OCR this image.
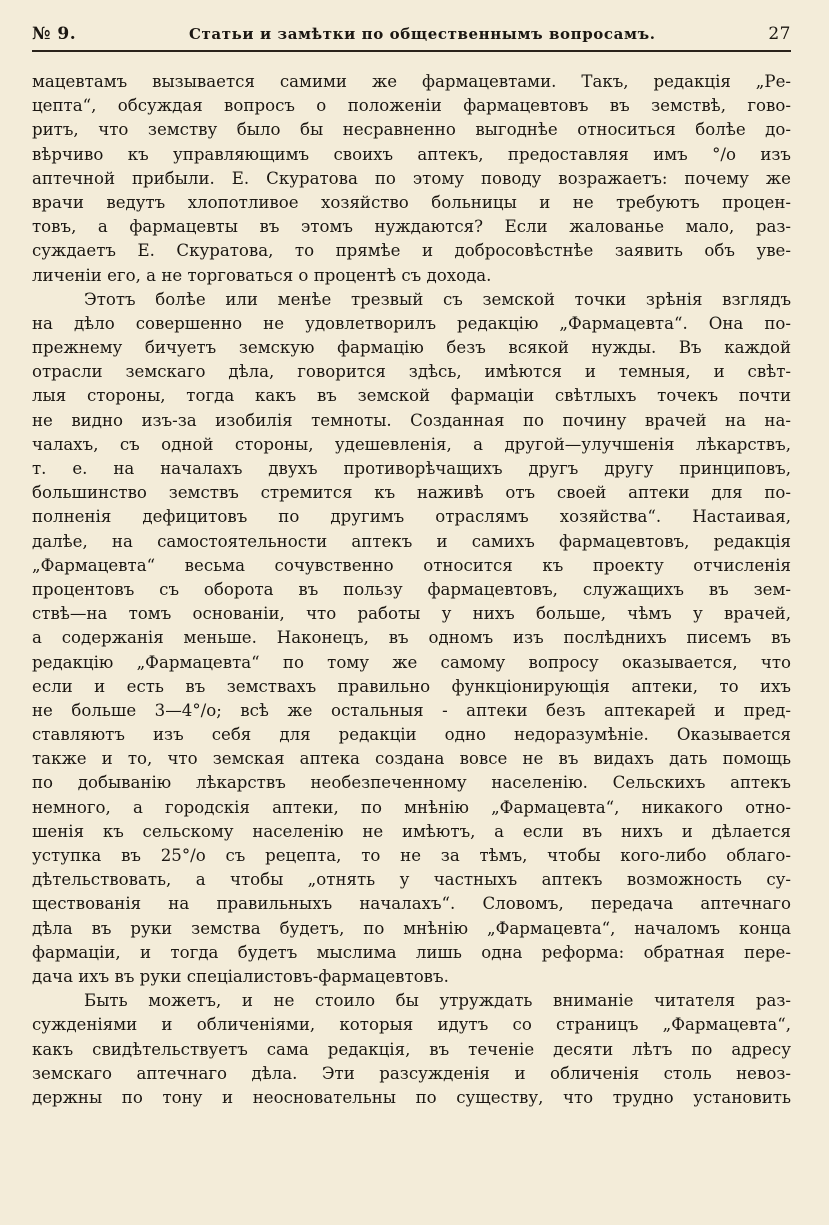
№ 9.	Статьи и замѣтки по общественнымъ вопросамъ.	27
мацевтамъ вызывается самими же фармацевтами. Такъ, редакція „Ре-
цепта“, обсуждая вопросъ о положеніи фармацевтовъ въ земствѣ, гово-
ритъ, что земству было бы несравненно выгоднѣе относиться болѣе до-
вѣрчиво къ управляющимъ своихъ аптекъ, предоставляя имъ °/о изъ
аптечной прибыли. Е. Скуратова по этому поводу возражаетъ: почему же
врачи ведутъ хлопотливое хозяйство больницы и не требуютъ процен-
товъ, а фармацевты въ этомъ нуждаются? Если жалованье мало, раз-
суждаетъ Е. Скуратова, то прямѣе и добросовѣстнѣе заявить объ увe-
личеніи его, а не торговаться о процентѣ съ дохода.
Этотъ болѣе или менѣе трезвый съ земской точки зрѣнія взглядъ
на дѣло совершенно не удовлетворилъ редакцію „Фармацевта“. Она по-
прежнему бичуетъ земскую фармацію безъ всякой нужды. Въ каждой
отрасли земскаго дѣла, говорится здѣсь, имѣются и темныя, и свѣт-
лыя стороны, тогда какъ въ земской фармаціи свѣтлыхъ точекъ почти
не видно изъ-за изобилія темноты. Созданная по почину врачей на на-
чалахъ, съ одной стороны, удешевленія, а другой—улучшенія лѣкарствъ,
т. е. на началахъ двухъ противорѣчащихъ другъ другу принциповъ,
большинство земствъ стремится къ наживѣ отъ своей аптеки для по-
полненія дефицитовъ по другимъ отраслямъ хозяйства“. Настаивая,
далѣе, на самостоятельности аптекъ и самихъ фармацевтовъ, редакція
„Фармацевта“ весьма сочувственно относится къ проекту отчисленія
процентовъ съ оборота въ пользу фармацевтовъ, служащихъ въ зем-
ствѣ—на томъ основаніи, что работы у нихъ больше, чѣмъ у врачей,
а содержанія меньше. Наконецъ, въ одномъ изъ послѣднихъ писемъ въ
редакцію „Фармацевта“ по тому же самому вопросу оказывается, что
если и есть въ земствахъ правильно функціонирующія аптеки, то ихъ
не больше 3—4°/о; всѣ же остальныя - аптеки безъ аптекарей и пред-
ставляютъ изъ себя для редакціи одно недоразумѣніе. Оказывается
также и то, что земская аптека создана вовсе не въ видахъ дать помощь
по добыванію лѣкарствъ необезпеченному населенію. Сельскихъ аптекъ
немного, а городскія аптеки, по мнѣнію „Фармацевта“, никакого отно-
шенія къ сельскому населенію не имѣютъ, а если въ нихъ и дѣлается
уступка въ 25°/о съ рецепта, то не за тѣмъ, чтобы кого-либо облаго-
дѣтельствовать, а чтобы „отнять у частныхъ аптекъ возможность су-
ществованія на правильныхъ началахъ“. Словомъ, передача аптечнаго
дѣла въ руки земства будетъ, по мнѣнію „Фармацевта“, началомъ конца
фармаціи, и тогда будетъ мыслима лишь одна реформа: обратная пере-
дача ихъ въ руки спеціалистовъ-фармацевтовъ.
Быть можетъ, и не стоило бы утруждать вниманіе читателя раз-
сужденіями и обличеніями, которыя идутъ со страницъ „Фармацевта“,
какъ свидѣтельствуетъ сама редакція, въ теченіе десяти лѣтъ по адресу
земскаго аптечнаго дѣла. Эти разсужденія и обличенія столь невоз-
держны по тону и неосновательны по существу, что трудно установить
